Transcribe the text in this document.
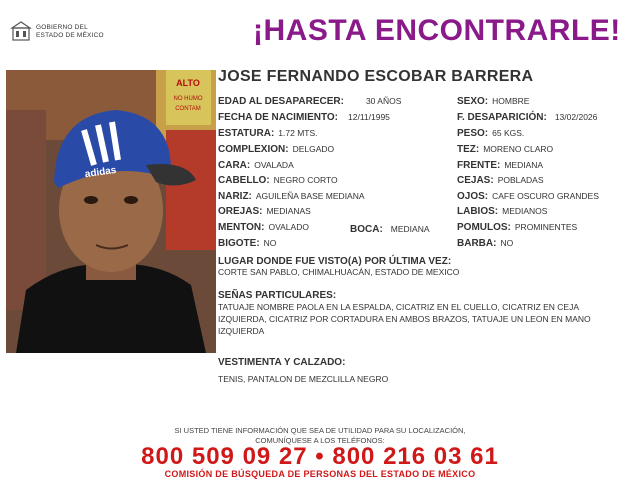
GOBIERNO DEL
ESTADO DE MÉXICO	¡HASTA ENCONTRARLE!
ALTO
NO HUMO
CONTAM
adidas
JOSE FERNANDO ESCOBAR BARRERA
EDAD AL DESAPARECER:	30 AÑOS
FECHA DE NACIMIENTO: 12/11/1995
ESTATURA: 1.72 MTS.
COMPLEXION: DELGADO
CARA: OVALADA
CABELLO: NEGRO CORTO
NARIZ: AGUILEÑA BASE MEDIANA
OREJAS: MEDIANAS
MENTON: OVALADO
BIGOTE: NO
BOCA: MEDIANA
SEXO: HOMBRE
F. DESAPARICIÓN: 13/02/2026
PESO: 65 KGS.
TEZ: MORENO CLARO
FRENTE: MEDIANA
CEJAS: POBLADAS
OJOS: CAFE OSCURO GRANDES
LABIOS: MEDIANOS
POMULOS: PROMINENTES
BARBA: NO
LUGAR DONDE FUE VISTO(A) POR ÚLTIMA VEZ:
CORTE SAN PABLO, CHIMALHUACÁN, ESTADO DE MEXICO
SEÑAS PARTICULARES:
TATUAJE NOMBRE PAOLA EN LA ESPALDA, CICATRIZ EN EL CUELLO, CICATRIZ EN CEJA IZQUIERDA, CICATRIZ POR CORTADURA EN AMBOS BRAZOS, TATUAJE UN LEON EN MANO IZQUIERDA
VESTIMENTA Y CALZADO:
TENIS, PANTALON DE MEZCLILLA NEGRO
SI USTED TIENE INFORMACIÓN QUE SEA DE UTILIDAD PARA SU LOCALIZACIÓN,
COMUNÍQUESE A LOS TELÉFONOS:
800 509 09 27 • 800 216 03 61
COMISIÓN DE BÚSQUEDA DE PERSONAS DEL ESTADO DE MÉXICO
